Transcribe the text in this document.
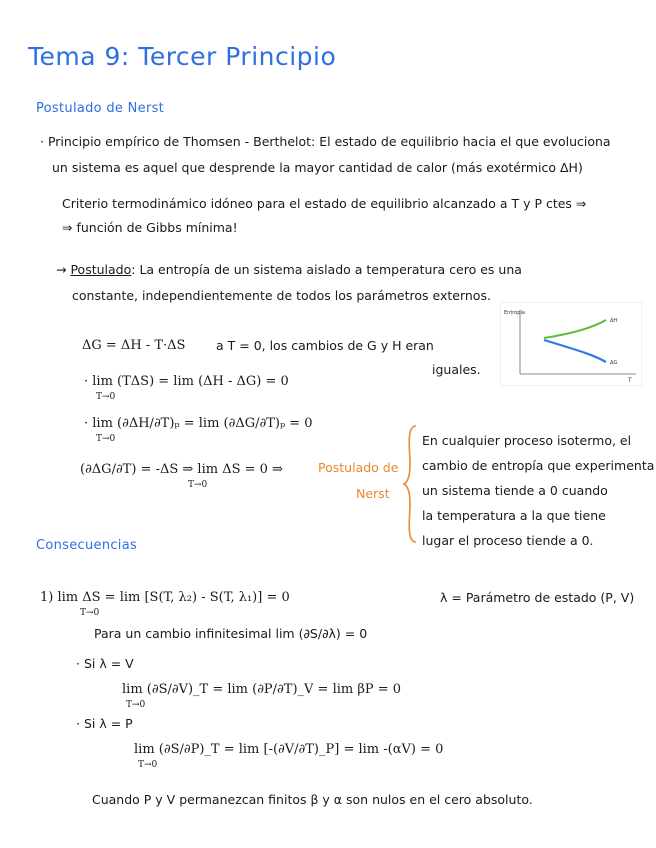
Tema 9: Tercer Principio
Postulado de Nerst
· Principio empírico de Thomsen - Berthelot: El estado de equilibrio hacia el que evoluciona
un sistema es aquel que desprende la mayor cantidad de calor (más exotérmico ΔH)
Criterio termodinámico idóneo para el estado de equilibrio alcanzado a T y P ctes ⇒
⇒ función de Gibbs mínima!
→ Postulado: La entropía de un sistema aislado a temperatura cero es una
constante, independientemente de todos los parámetros externos.
ΔG = ΔH - T·ΔS a T = 0, los cambios de G y H eran
iguales.
· lim (TΔS) = lim (ΔH - ΔG) = 0
T→0
· lim (∂ΔH/∂T)ₚ = lim (∂ΔG/∂T)ₚ = 0
T→0
(∂ΔG/∂T) = -ΔS ⇒ lim ΔS = 0 ⇒
T→0
Postulado de
Nerst
En cualquier proceso isotermo, el
cambio de entropía que experimenta
un sistema tiende a 0 cuando
la temperatura a la que tiene
lugar el proceso tiende a 0.
Entropía
T
ΔH
ΔG
Consecuencias
1) lim ΔS = lim [S(T, λ₂) - S(T, λ₁)] = 0
T→0
λ = Parámetro de estado (P, V)
Para un cambio infinitesimal lim (∂S/∂λ) = 0
· Si λ = V
lim (∂S/∂V)_T = lim (∂P/∂T)_V = lim βP = 0
T→0
· Si λ = P
lim (∂S/∂P)_T = lim [-(∂V/∂T)_P] = lim -(αV) = 0
T→0
Cuando P y V permanezcan finitos β y α son nulos en el cero absoluto.
